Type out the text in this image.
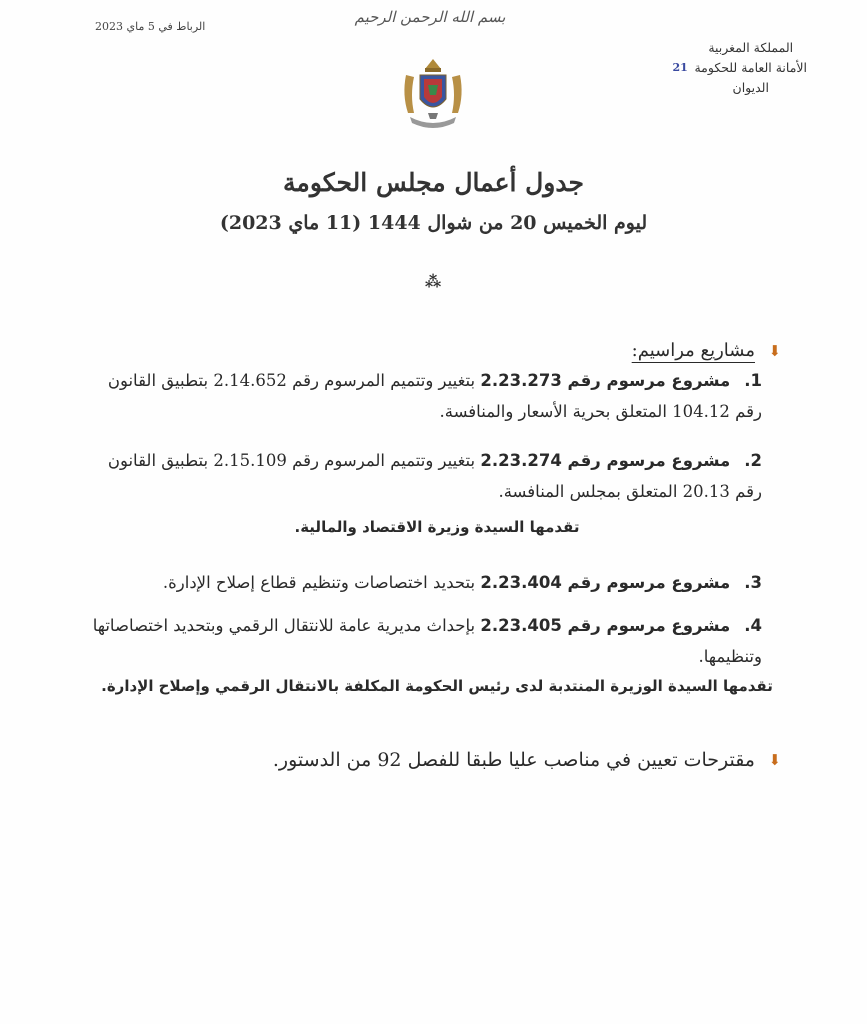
بسم الله الرحمن الرحيم
الرباط في 5 ماي 2023
21
المملكة المغربية
الأمانة العامة للحكومة
الديوان
جدول أعمال مجلس الحكومة
ليوم الخميس 20 من شوال 1444 (11 ماي 2023)
⁂
⬇
مشاريع مراسيم:
1.مشروع مرسوم رقم 2.23.273 بتغيير وتتميم المرسوم رقم 2.14.652 بتطبيق القانون رقم 104.12 المتعلق بحرية الأسعار والمنافسة.
2.مشروع مرسوم رقم 2.23.274 بتغيير وتتميم المرسوم رقم 2.15.109 بتطبيق القانون رقم 20.13 المتعلق بمجلس المنافسة.
تقدمها السيدة وزيرة الاقتصاد والمالية.
3.مشروع مرسوم رقم 2.23.404 بتحديد اختصاصات وتنظيم قطاع إصلاح الإدارة.
4.مشروع مرسوم رقم 2.23.405 بإحداث مديرية عامة للانتقال الرقمي وبتحديد اختصاصاتها وتنظيمها.
تقدمها السيدة الوزيرة المنتدبة لدى رئيس الحكومة المكلفة بالانتقال الرقمي وإصلاح الإدارة.
⬇
مقترحات تعيين في مناصب عليا طبقا للفصل 92 من الدستور.
